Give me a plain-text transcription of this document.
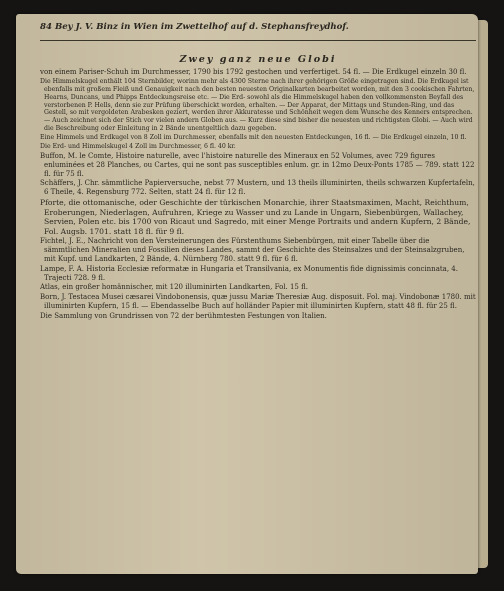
84 Bey J. V. Binz in Wien im Zwettelhof auf d. Stephansfreydhof.

Zwey ganz neue Globi

von einem Pariser-Schuh im Durchmesser, 1790 bis 1792 gestochen und verfertiget. 54 fl. — Die Erdkugel einzeln 30 fl.

Die Himmelskugel enthält 104 Sternbilder, worinn mehr als 4300 Sterne nach ihrer gehörigen Größe eingetragen sind. Die Erdkugel ist ebenfalls mit großem Fleiß und Genauigkeit nach den besten neuesten Originalkarten bearbeitet worden, mit den 3 cookischen Fahrten, Hearns, Duncans, und Phipps Entdeckungsreise etc. — Die Erd- sowohl als die Himmelskugel haben den vollkommensten Beyfall des verstorbenen P. Hells, denn sie zur Prüfung überschickt worden, erhalten. — Der Apparat, der Mittags und Stunden-Ring, und das Gestell, so mit vergoldeten Arabesken geziert, werden ihrer Akkuratesse und Schönheit wegen dem Wunsche des Kenners entsprechen. — Auch zeichnet sich der Stich vor vielen andern Globen aus. — Kurz diese sind bisher die neuesten und richtigsten Globi. — Auch wird die Beschreibung oder Einleitung in 2 Bände unentgeltlich dazu gegeben.

Eine Himmels und Erdkugel von 8 Zoll im Durchmesser, ebenfalls mit den neuesten Entdeckungen, 16 fl. — Die Erdkugel einzeln, 10 fl.

Die Erd- und Himmelskugel 4 Zoll im Durchmesser, 6 fl. 40 kr.

Buffon, M. le Comte, Histoire naturelle, avec l'histoire naturelle des Mineraux en 52 Volumes, avec 729 figures enluminées et 28 Planches, ou Cartes, qui ne sont pas susceptibles enlum. gr. in 12mo Deux-Ponts 1785 — 789. statt 122 fl. für 75 fl.

Schäffers, J. Chr. sämmtliche Papierversuche, nebst 77 Mustern, und 13 theils illuminirten, theils schwarzen Kupfertafeln, 6 Theile, 4. Regensburg 772. Selten, statt 24 fl. für 12 fl.

Pforte, die ottomanische, oder Geschichte der türkischen Monarchie, ihrer Staatsmaximen, Macht, Reichthum, Eroberungen, Niederlagen, Aufruhren, Kriege zu Wasser und zu Lande in Ungarn, Siebenbürgen, Wallachey, Servien, Polen etc. bis 1700 von Ricaut und Sagredo, mit einer Menge Portraits und andern Kupfern, 2 Bände, Fol. Augsb. 1701. statt 18 fl. für 9 fl.

Fichtel, J. E., Nachricht von den Versteinerungen des Fürstenthums Siebenbürgen, mit einer Tabelle über die sämmtlichen Mineralien und Fossilien dieses Landes, sammt der Geschichte des Steinsalzes und der Steinsalzgruben, mit Kupf. und Landkarten, 2 Bände, 4. Nürnberg 780. statt 9 fl. für 6 fl.

Lampe, F. A. Historia Ecclesiæ reformatæ in Hungaria et Transilvania, ex Monumentis fide dignissimis concinnata, 4. Trajecti 728. 9 fl.

Atlas, ein großer homännischer, mit 120 illuminirten Landkarten, Fol. 15 fl.

Born, J. Testacea Musei cæsarei Vindobonensis, quæ jussu Mariæ Theresiæ Aug. disposuit. Fol. maj. Vindobonæ 1780. mit illuminirten Kupfern, 15 fl. — Ebendasselbe Buch auf holländer Papier mit illuminirten Kupfern, statt 48 fl. für 25 fl.

Die Sammlung von Grundrissen von 72 der berühmtesten Festungen von Italien.
